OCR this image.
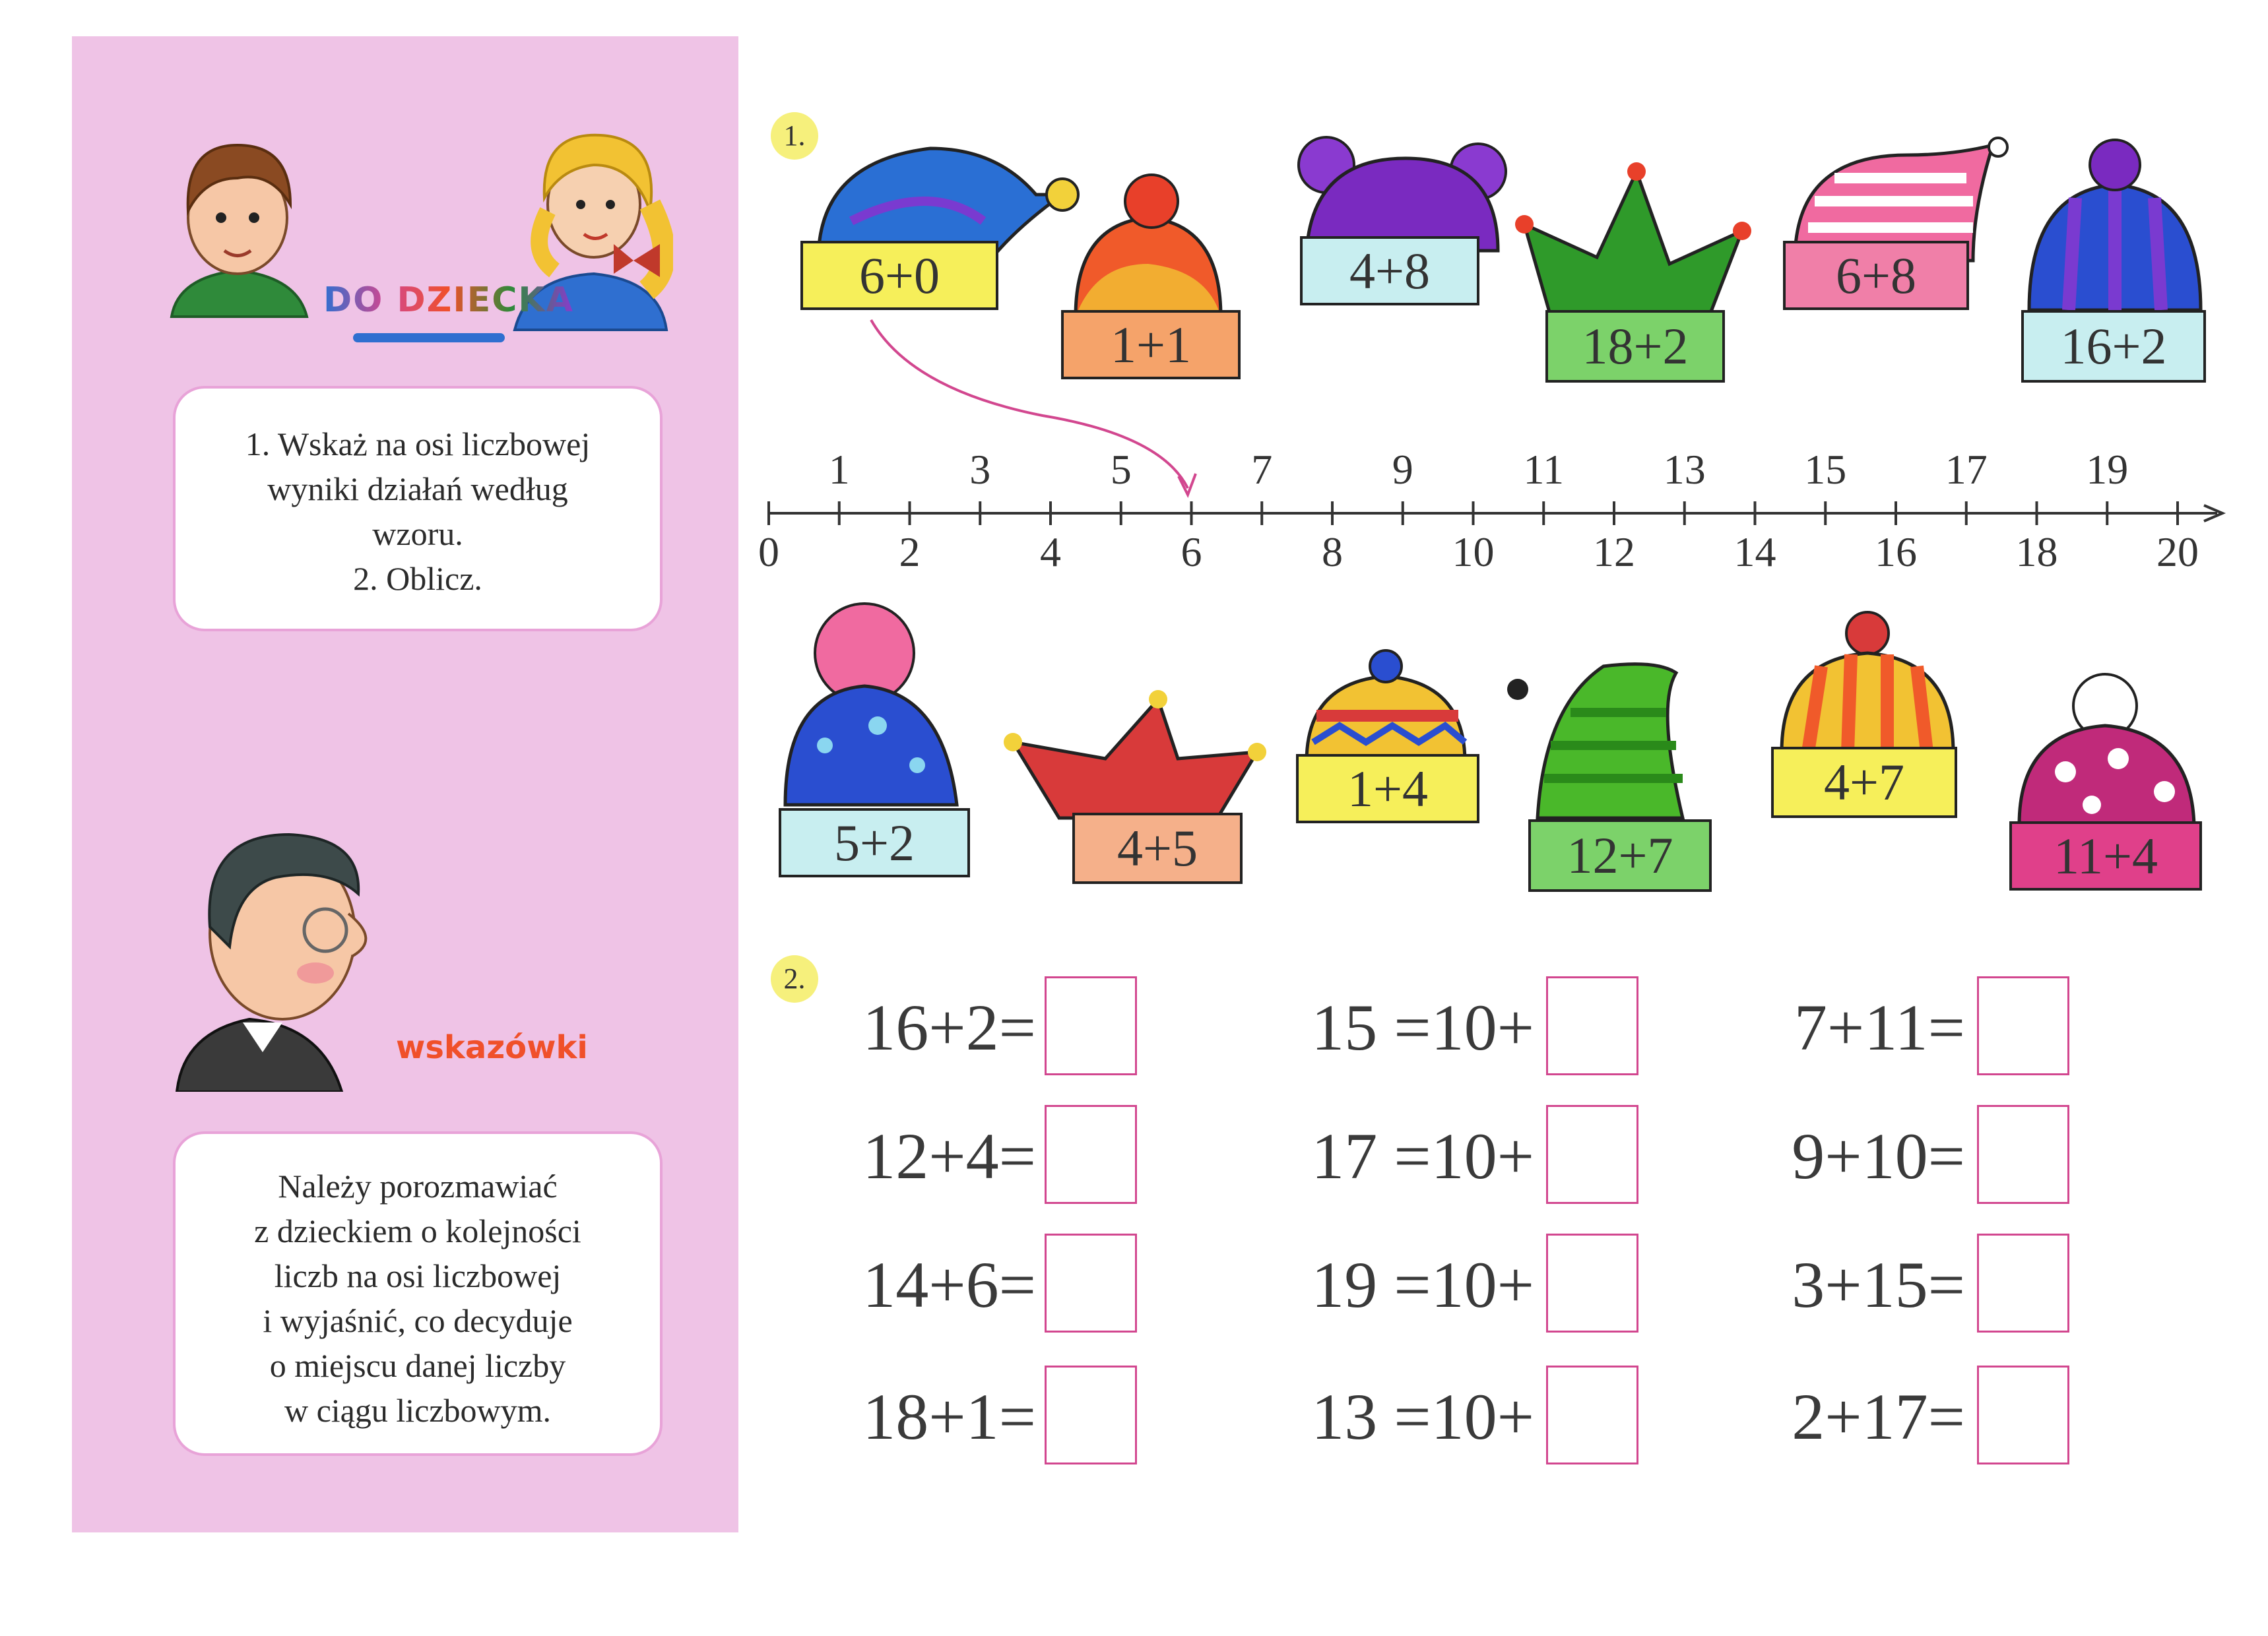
DO DZIECKA
1. Wskaż na osi liczbowej
wyniki działań według
wzoru.
2. Oblicz.
wskazówki
Należy porozmawiać
z dzieckiem o kolejności
liczb na osi liczbowej
i wyjaśnić, co decyduje
o miejscu danej liczby
w ciągu liczbowym.
1.
6+0
1+1
4+8
18+2
6+8
16+2
0
1
2
3
4
5
6
7
8
9
10
11
12
13
14
15
16
17
18
19
20
5+2	4+5
1+4
12+7
4+7
11+4
2.
16+2=
12+4=
14+6=
18+1=
15 =10+
17 =10+
19 =10+
13 =10+
7+11=
9+10=
3+15=
2+17=
